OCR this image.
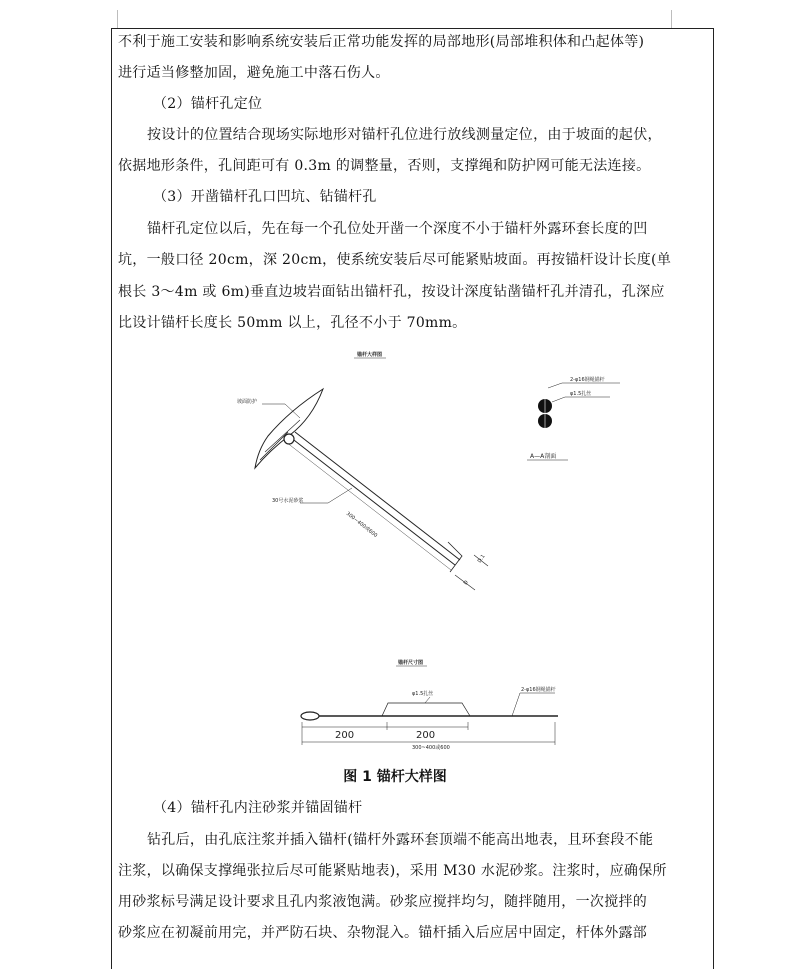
不利于施工安装和影响系统安装后正常功能发挥的局部地形(局部堆积体和凸起体等)
进行适当修整加固，避免施工中落石伤人。
（2）锚杆孔定位
按设计的位置结合现场实际地形对锚杆孔位进行放线测量定位，由于坡面的起伏，
依据地形条件，孔间距可有 0.3m 的调整量，否则，支撑绳和防护网可能无法连接。
（3）开凿锚杆孔口凹坑、钻锚杆孔
锚杆孔定位以后，先在每一个孔位处开凿一个深度不小于锚杆外露环套长度的凹
坑，一般口径 20cm，深 20cm，使系统安装后尽可能紧贴坡面。再按锚杆设计长度(单
根长 3～4m 或 6m)垂直边坡岩面钻出锚杆孔，按设计深度钻凿锚杆孔并清孔，孔深应
比设计锚杆长度长 50mm 以上，孔径不小于 70mm。
锚杆大样图
D
D.1
坡面防护
30号水泥砂浆
300~400或600
2-φ16钢绳锚杆
φ1.5扎丝
A—A剖面
锚杆尺寸图
φ1.5扎丝
2-φ16钢绳锚杆
200	200
300~400或600
图 1 锚杆大样图
（4）锚杆孔内注砂浆并锚固锚杆
钻孔后，由孔底注浆并插入锚杆(锚杆外露环套顶端不能高出地表，且环套段不能
注浆，以确保支撑绳张拉后尽可能紧贴地表)，采用 M30 水泥砂浆。注浆时，应确保所
用砂浆标号满足设计要求且孔内浆液饱满。砂浆应搅拌均匀，随拌随用，一次搅拌的
砂浆应在初凝前用完，并严防石块、杂物混入。锚杆插入后应居中固定，杆体外露部
